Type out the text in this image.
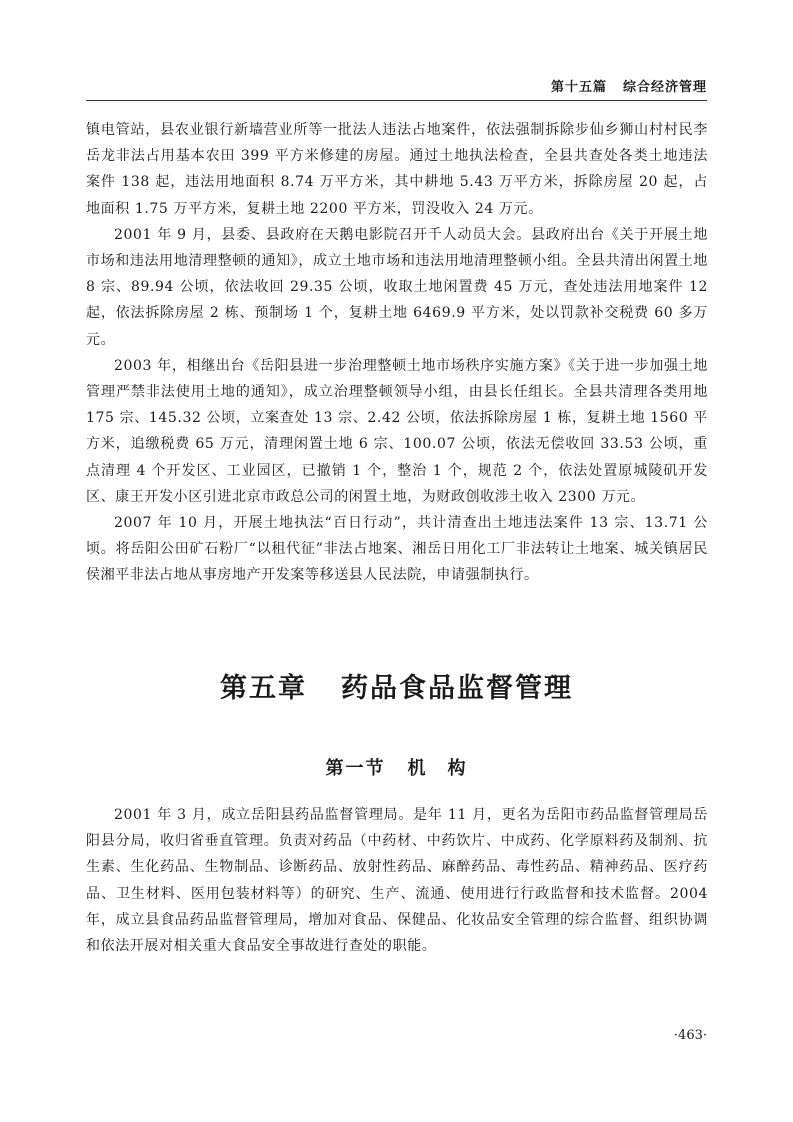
第十五篇 综合经济管理

镇电管站，县农业银行新墙营业所等一批法人违法占地案件，依法强制拆除步仙乡狮山村村民李岳龙非法占用基本农田 399 平方米修建的房屋。通过土地执法检查，全县共查处各类土地违法案件 138 起，违法用地面积 8.74 万平方米，其中耕地 5.43 万平方米，拆除房屋 20 起，占地面积 1.75 万平方米，复耕土地 2200 平方米，罚没收入 24 万元。

2001 年 9 月，县委、县政府在天鹅电影院召开千人动员大会。县政府出台《关于开展土地市场和违法用地清理整顿的通知》，成立土地市场和违法用地清理整顿小组。全县共清出闲置土地 8 宗、89.94 公顷，依法收回 29.35 公顷，收取土地闲置费 45 万元，查处违法用地案件 12 起，依法拆除房屋 2 栋、预制场 1 个，复耕土地 6469.9 平方米，处以罚款补交税费 60 多万元。

2003 年，相继出台《岳阳县进一步治理整顿土地市场秩序实施方案》《关于进一步加强土地管理严禁非法使用土地的通知》，成立治理整顿领导小组，由县长任组长。全县共清理各类用地 175 宗、145.32 公顷，立案查处 13 宗、2.42 公顷，依法拆除房屋 1 栋，复耕土地 1560 平方米，追缴税费 65 万元，清理闲置土地 6 宗、100.07 公顷，依法无偿收回 33.53 公顷，重点清理 4 个开发区、工业园区，已撤销 1 个，整治 1 个，规范 2 个，依法处置原城陵矶开发区、康王开发小区引进北京市政总公司的闲置土地，为财政创收涉土收入 2300 万元。

2007 年 10 月，开展土地执法“百日行动”，共计清查出土地违法案件 13 宗、13.71 公顷。将岳阳公田矿石粉厂“以租代征”非法占地案、湘岳日用化工厂非法转让土地案、城关镇居民侯湘平非法占地从事房地产开发案等移送县人民法院，申请强制执行。

第五章 药品食品监督管理
第一节 机　构

2001 年 3 月，成立岳阳县药品监督管理局。是年 11 月，更名为岳阳市药品监督管理局岳阳县分局，收归省垂直管理。负责对药品（中药材、中药饮片、中成药、化学原料药及制剂、抗生素、生化药品、生物制品、诊断药品、放射性药品、麻醉药品、毒性药品、精神药品、医疗药品、卫生材料、医用包装材料等）的研究、生产、流通、使用进行行政监督和技术监督。2004 年，成立县食品药品监督管理局，增加对食品、保健品、化妆品安全管理的综合监督、组织协调和依法开展对相关重大食品安全事故进行查处的职能。

·463·
